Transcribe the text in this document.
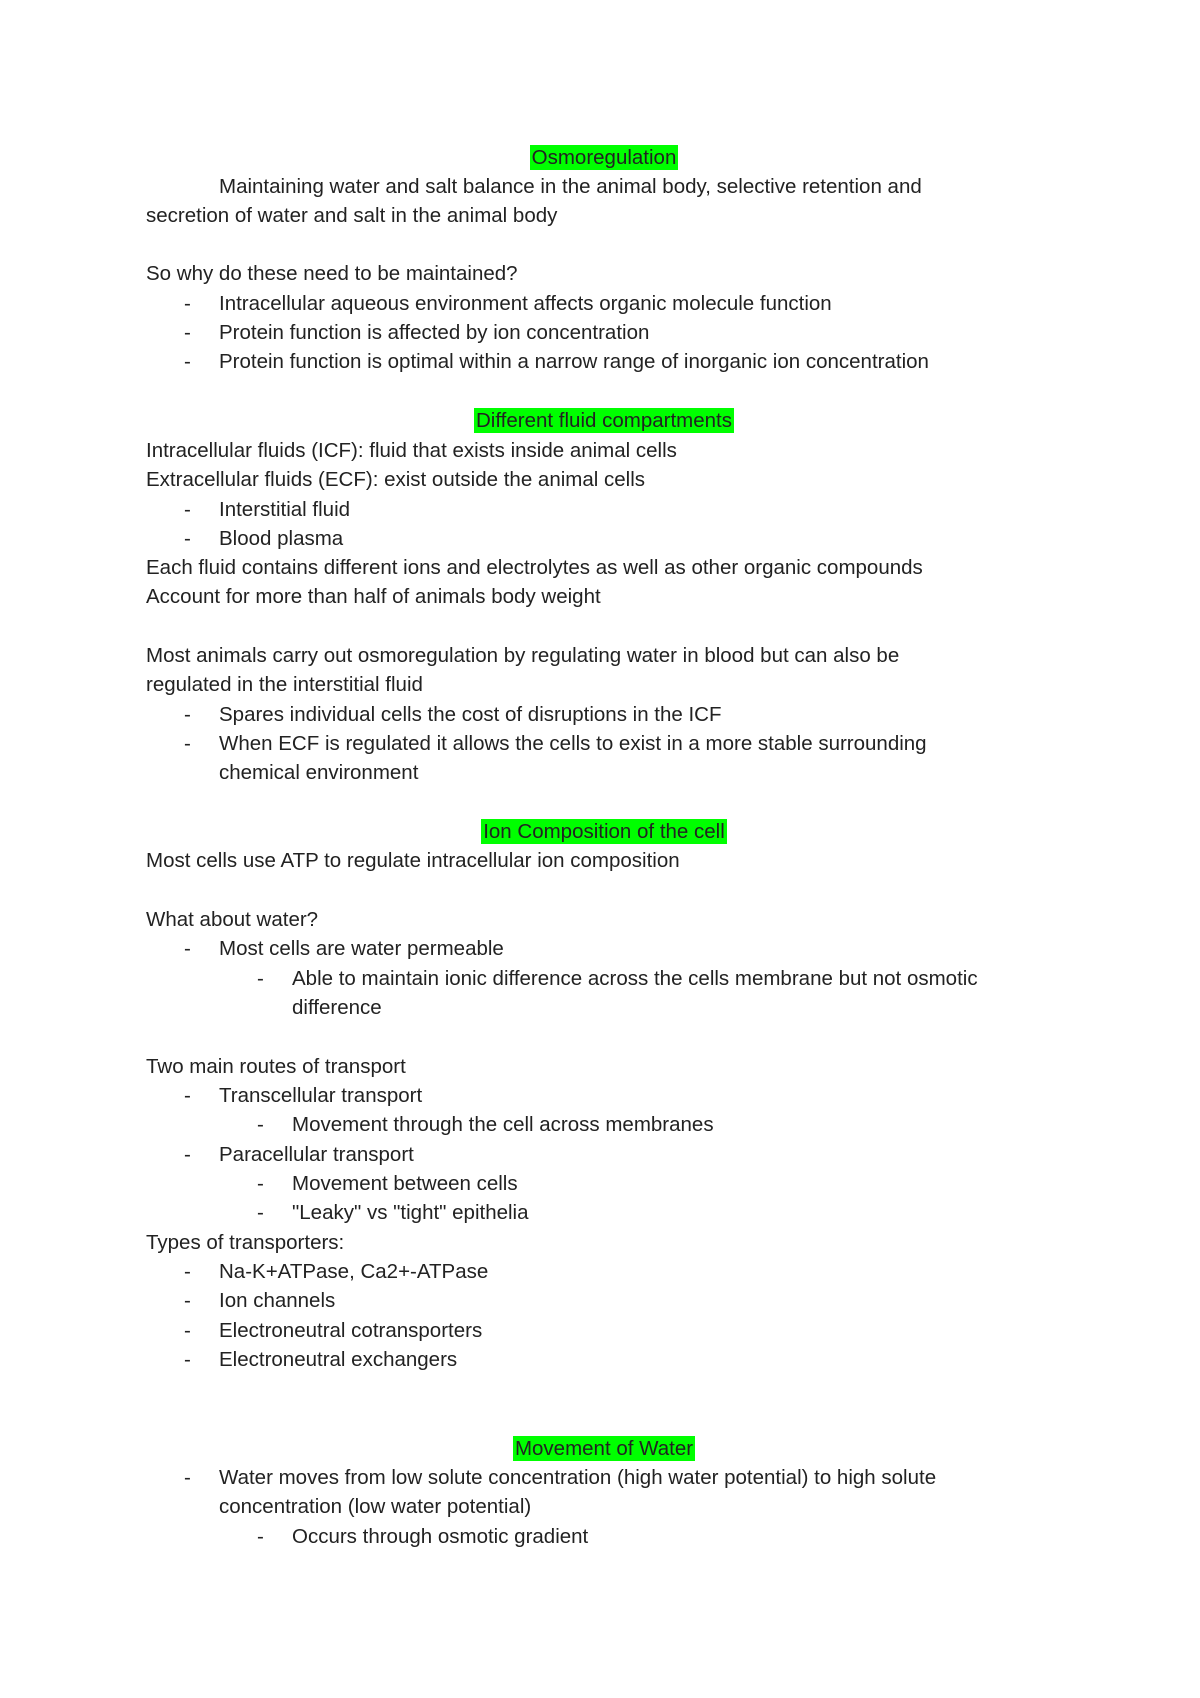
Osmoregulation
Maintaining water and salt balance in the animal body, selective retention and
secretion of water and salt in the animal body
So why do these need to be maintained?
- Intracellular aqueous environment affects organic molecule function
- Protein function is affected by ion concentration
- Protein function is optimal within a narrow range of inorganic ion concentration
Different fluid compartments
Intracellular fluids (ICF): fluid that exists inside animal cells
Extracellular fluids (ECF): exist outside the animal cells
- Interstitial fluid
- Blood plasma
Each fluid contains different ions and electrolytes as well as other organic compounds
Account for more than half of animals body weight
Most animals carry out osmoregulation by regulating water in blood but can also be
regulated in the interstitial fluid
- Spares individual cells the cost of disruptions in the ICF
- When ECF is regulated it allows the cells to exist in a more stable surrounding
chemical environment
Ion Composition of the cell
Most cells use ATP to regulate intracellular ion composition
What about water?
- Most cells are water permeable
- Able to maintain ionic difference across the cells membrane but not osmotic
difference
Two main routes of transport
- Transcellular transport
- Movement through the cell across membranes
- Paracellular transport
- Movement between cells
- "Leaky" vs "tight" epithelia
Types of transporters:
- Na-K+ATPase, Ca2+-ATPase
- Ion channels
- Electroneutral cotransporters
- Electroneutral exchangers
Movement of Water
- Water moves from low solute concentration (high water potential) to high solute
concentration (low water potential)
- Occurs through osmotic gradient
